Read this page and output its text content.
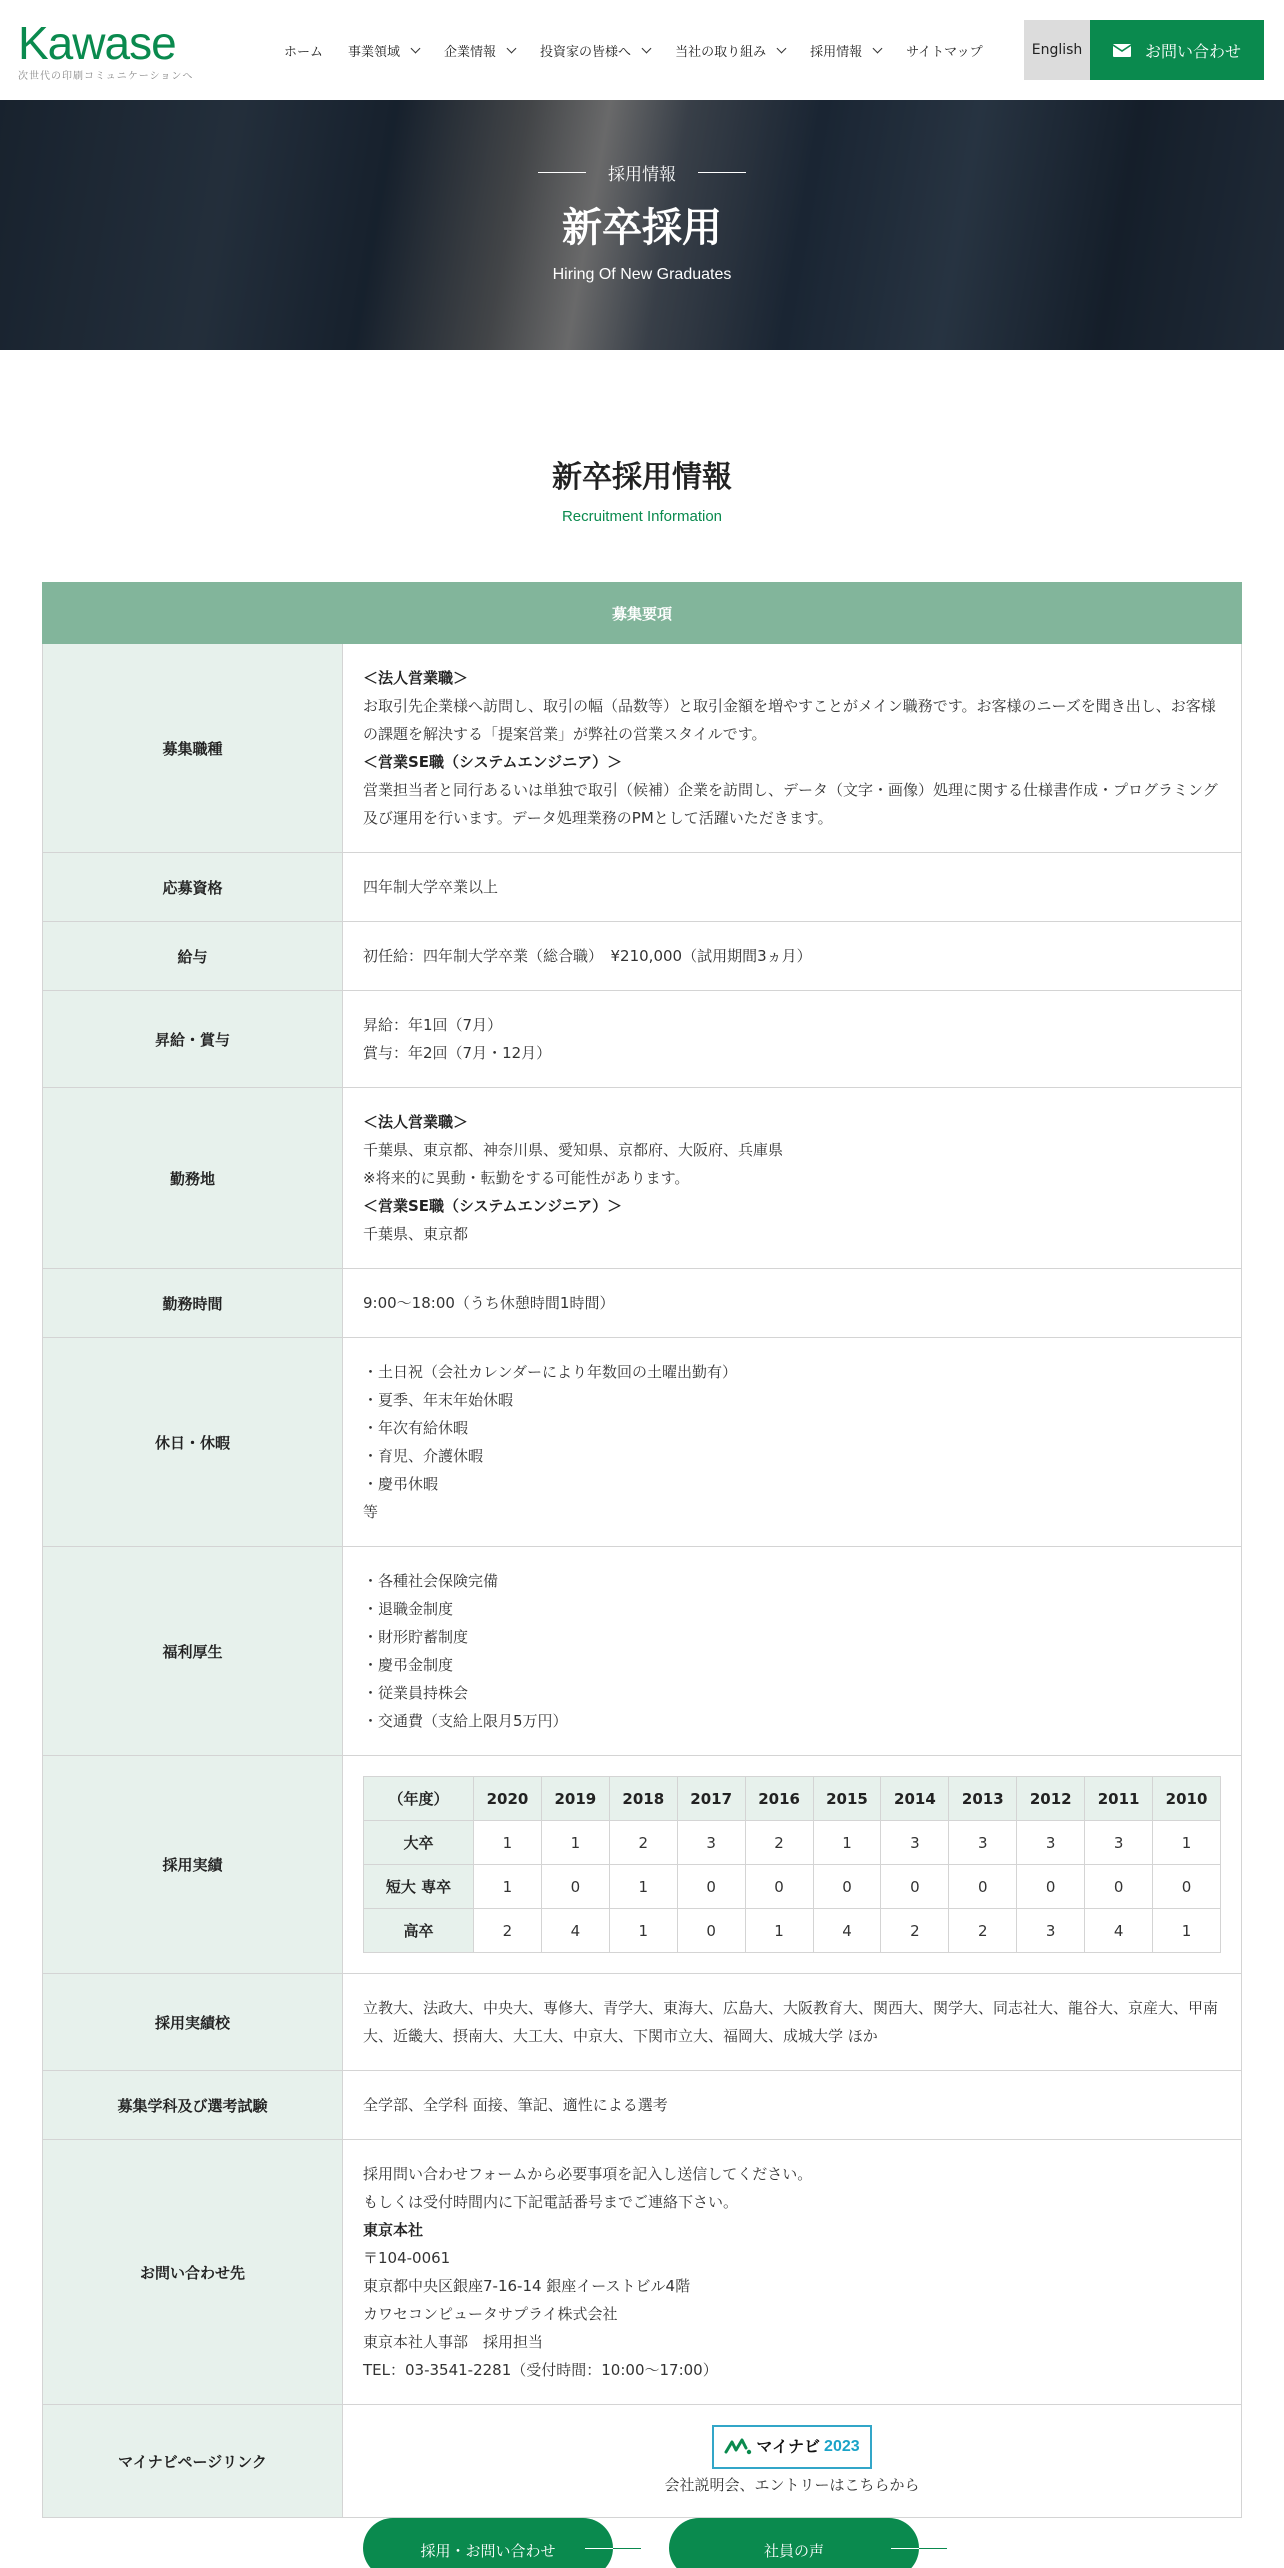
Kawase
次世代の印刷コミュニケーションへ
ホーム 事業領域	企業情報	投資家の皆様へ	当社の取り組み	採用情報	サイトマップ	English	お問い合わせ
採用情報
新卒採用
Hiring Of New Graduates
新卒採用情報
Recruitment Information
募集要項
募集職種	
＜法人営業職＞
お取引先企業様へ訪問し、取引の幅（品数等）と取引金額を増やすことがメイン職務です。お客様のニーズを聞き出し、お客様の課題を解決する「提案営業」が弊社の営業スタイルです。
＜営業SE職（システムエンジニア）＞
営業担当者と同行あるいは単独で取引（候補）企業を訪問し、データ（文字・画像）処理に関する仕様書作成・プログラミング及び運用を行います。データ処理業務のPMとして活躍いただきます。

応募資格	四年制大学卒業以上
給与	初任給：四年制大学卒業（総合職）　¥210,000（試用期間3ヵ月）
昇給・賞与	
昇給：年1回（7月）
賞与：年2回（7月・12月）

勤務地	
＜法人営業職＞
千葉県、東京都、神奈川県、愛知県、京都府、大阪府、兵庫県
※将来的に異動・転勤をする可能性があります。
＜営業SE職（システムエンジニア）＞
千葉県、東京都

勤務時間	9:00～18:00（うち休憩時間1時間）
休日・休暇	
・土日祝（会社カレンダーにより年数回の土曜出勤有）
・夏季、年末年始休暇
・年次有給休暇
・育児、介護休暇
・慶弔休暇
等

福利厚生	
・各種社会保険完備
・退職金制度
・財形貯蓄制度
・慶弔金制度
・従業員持株会
・交通費（支給上限月5万円）

採用実績	
（年度）	2020	2019	2018	2017	2016	2015	2014	2013	2012	2011	2010
大卒	1	1	2	3	2	1	3	3	3	3	1
短大 専卒	1	0	1	0	0	0	0	0	0	0	0
高卒	2	4	1	0	1	4	2	2	3	4	1

採用実績校	立教大、法政大、中央大、専修大、青学大、東海大、広島大、大阪教育大、関西大、関学大、同志社大、龍谷大、京産大、甲南大、近畿大、摂南大、大工大、中京大、下関市立大、福岡大、成城大学 ほか
募集学科及び選考試験	全学部、全学科 面接、筆記、適性による選考
お問い合わせ先	
採用問い合わせフォームから必要事項を記入し送信してください。
もしくは受付時間内に下記電話番号までご連絡下さい。
東京本社
〒104-0061
東京都中央区銀座7-16-14 銀座イーストビル4階
カワセコンピュータサプライ株式会社
東京本社人事部　採用担当
TEL：03-3541-2281（受付時間：10:00～17:00）

マイナビページリンク	
マイナビ 2023
会社説明会、エントリーはこちらから
採用・お問い合わせ	社員の声
